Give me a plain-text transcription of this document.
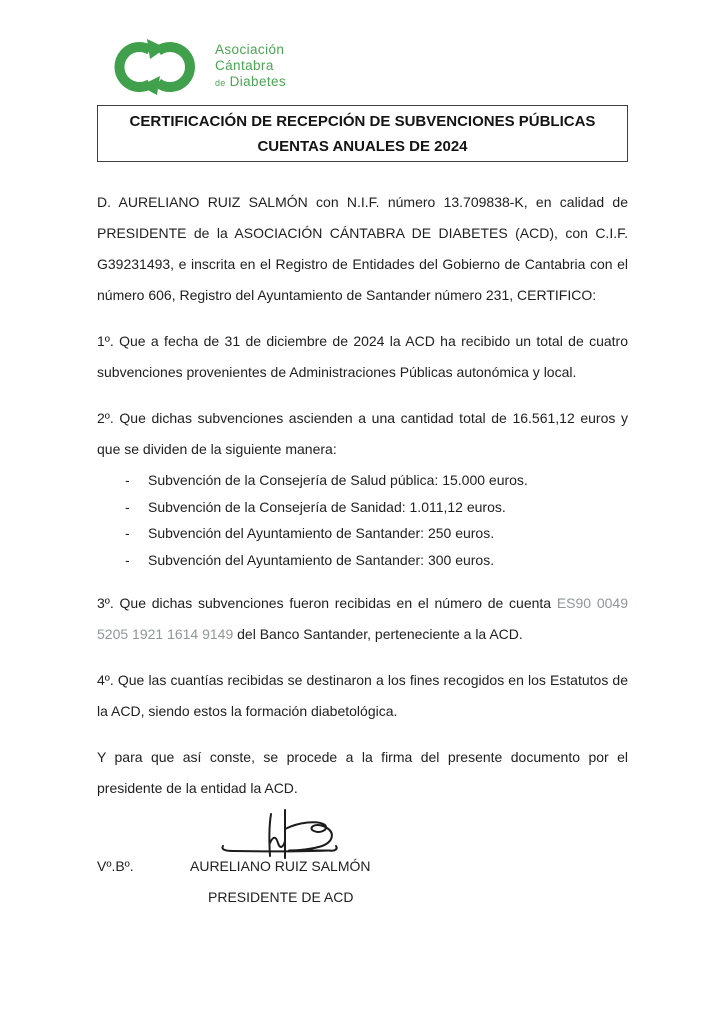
Asociación
Cántabra
de Diabetes
CERTIFICACIÓN DE RECEPCIÓN DE SUBVENCIONES PÚBLICAS
CUENTAS ANUALES DE 2024

D. AURELIANO RUIZ SALMÓN con N.I.F. número 13.709838-K, en calidad de PRESIDENTE de la ASOCIACIÓN CÁNTABRA DE DIABETES (ACD), con C.I.F. G39231493, e inscrita en el Registro de Entidades del Gobierno de Cantabria con el número 606, Registro del Ayuntamiento de Santander número 231, CERTIFICO:

1º. Que a fecha de 31 de diciembre de 2024 la ACD ha recibido un total de cuatro subvenciones provenientes de Administraciones Públicas autonómica y local.

2º. Que dichas subvenciones ascienden a una cantidad total de 16.561,12 euros y que se dividen de la siguiente manera:

-	Subvención de la Consejería de Salud pública: 15.000 euros.
-	Subvención de la Consejería de Sanidad: 1.011,12 euros.
-	Subvención del Ayuntamiento de Santander: 250 euros.
-	Subvención del Ayuntamiento de Santander: 300 euros.

3º. Que dichas subvenciones fueron recibidas en el número de cuenta ES90 0049 5205 1921 1614 9149 del Banco Santander, perteneciente a la ACD.

4º. Que las cuantías recibidas se destinaron a los fines recogidos en los Estatutos de la ACD, siendo estos la formación diabetológica.

Y para que así conste, se procede a la firma del presente documento por el presidente de la entidad la ACD.

Vº.Bº.	AURELIANO RUIZ SALMÓN
PRESIDENTE DE ACD
